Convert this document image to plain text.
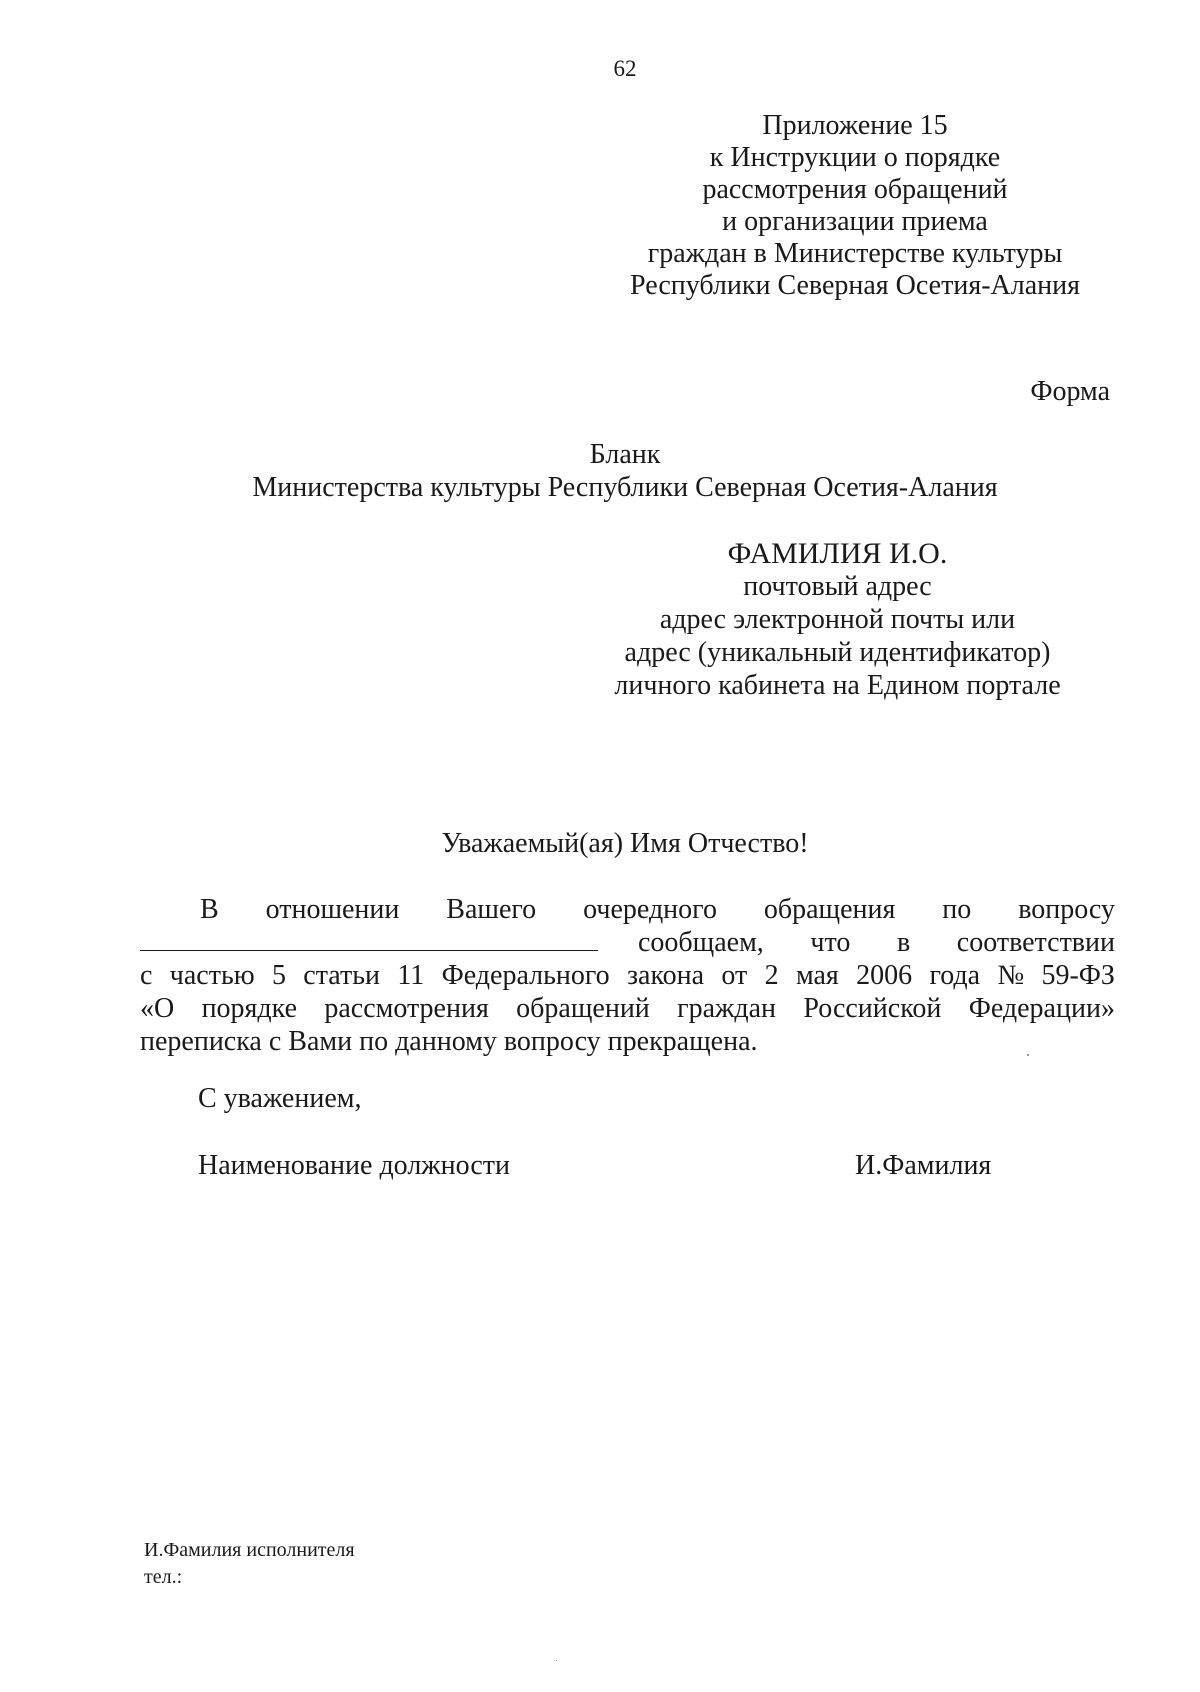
62
Приложение 15
к Инструкции о порядке
рассмотрения обращений
и организации приема
граждан в Министерстве культуры
Республики Северная Осетия-Алания
Форма
Бланк
Министерства культуры Республики Северная Осетия-Алания
ФАМИЛИЯ И.О.
почтовый адрес
адрес электронной почты или
адрес (уникальный идентификатор)
личного кабинета на Едином портале
Уважаемый(ая) Имя Отчество!
В отношении Вашего очередного обращения по вопросу
сообщаем, что в соответствии
с частью 5 статьи 11 Федерального закона от 2 мая 2006 года № 59-ФЗ
«О порядке рассмотрения обращений граждан Российской Федерации»
переписка с Вами по данному вопросу прекращена.
С уважением,
Наименование должности	И.Фамилия
И.Фамилия исполнителя
тел.:
